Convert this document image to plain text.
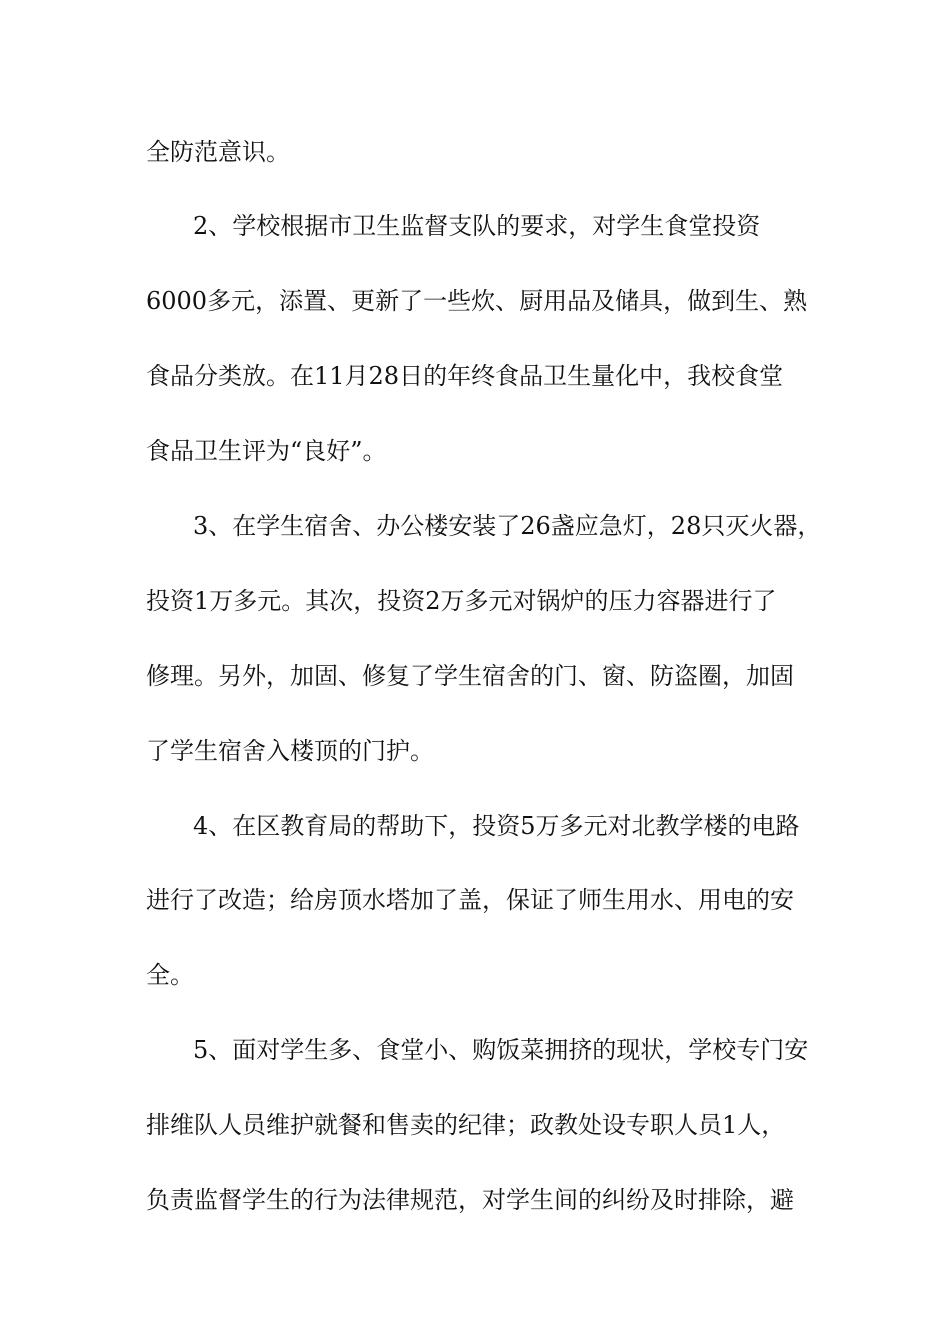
全防范意识。
2、学校根据市卫生监督支队的要求，对学生食堂投资
6000多元，添置、更新了一些炊、厨用品及储具，做到生、熟
食品分类放。在11月28日的年终食品卫生量化中，我校食堂
食品卫生评为“良好”。
3、在学生宿舍、办公楼安装了26盏应急灯，28只灭火器，
投资1万多元。其次，投资2万多元对锅炉的压力容器进行了
修理。另外，加固、修复了学生宿舍的门、窗、防盗圈，加固
了学生宿舍入楼顶的门护。
4、在区教育局的帮助下，投资5万多元对北教学楼的电路
进行了改造；给房顶水塔加了盖，保证了师生用水、用电的安
全。
5、面对学生多、食堂小、购饭菜拥挤的现状，学校专门安
排维队人员维护就餐和售卖的纪律；政教处设专职人员1人，
负责监督学生的行为法律规范，对学生间的纠纷及时排除，避
